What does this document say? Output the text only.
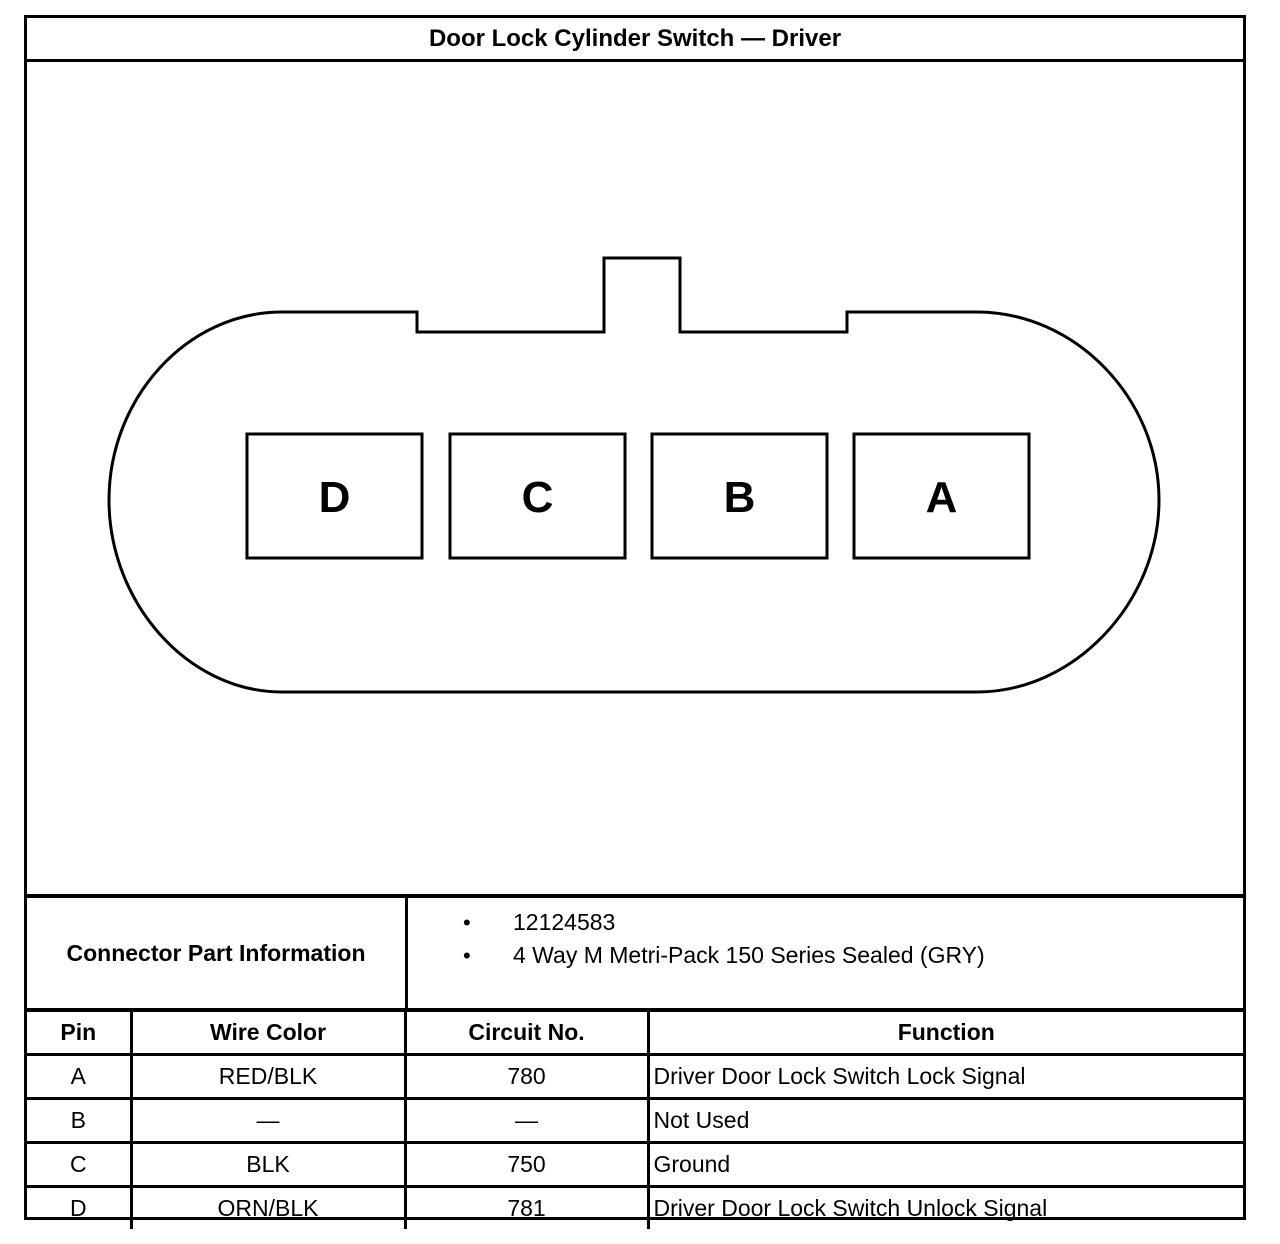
Door Lock Cylinder Switch — Driver
D	C	B	A
Connector Part Information
• 12124583
• 4 Way M Metri-Pack 150 Series Sealed (GRY)
Pin	Wire Color	Circuit No.	Function
A	RED/BLK	780	Driver Door Lock Switch Lock Signal
B	—	—	Not Used
C	BLK	750	Ground
D	ORN/BLK	781	Driver Door Lock Switch Unlock Signal
